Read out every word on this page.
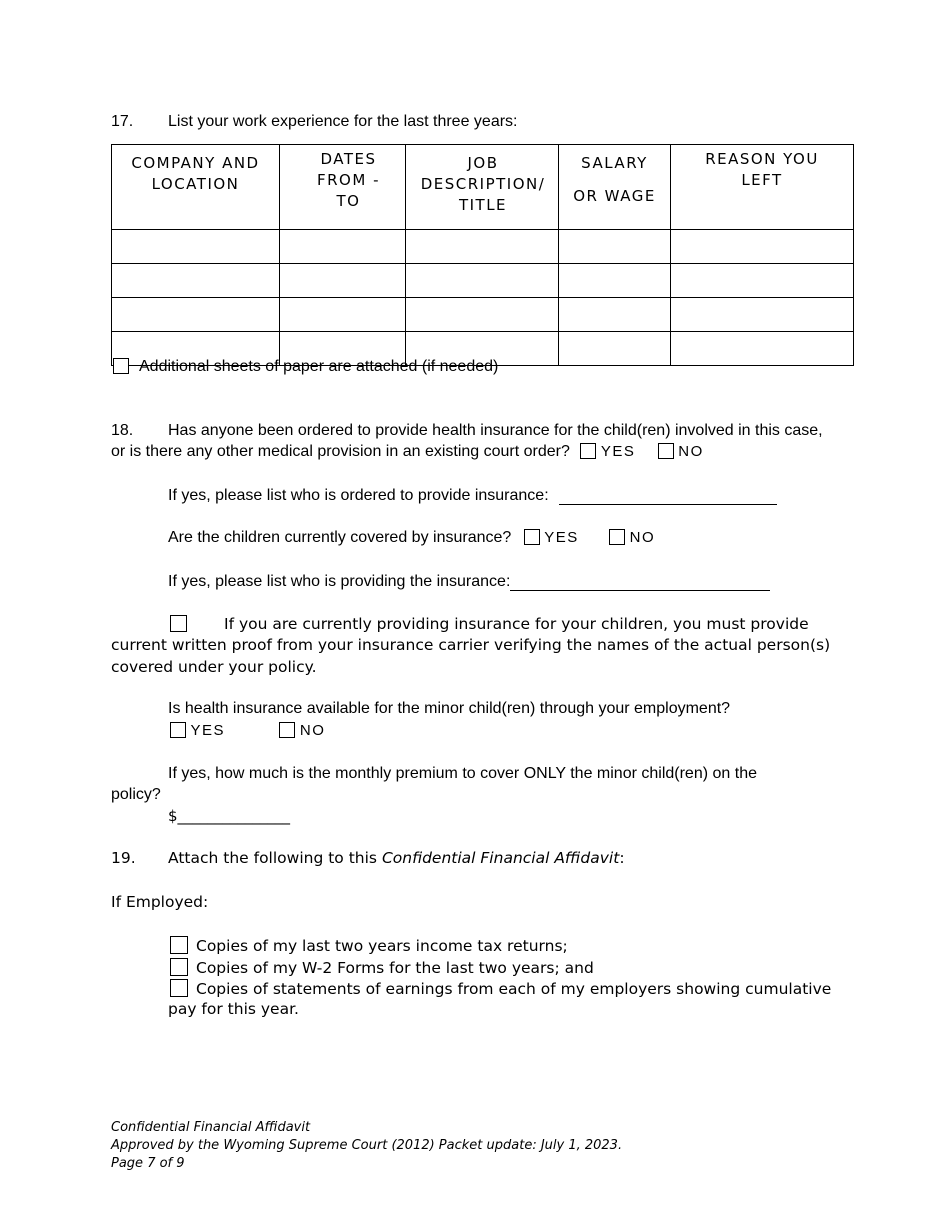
17. List your work experience for the last three years:
COMPANY AND LOCATION	DATES FROM - TO	JOB DESCRIPTION/ TITLE	SALARY OR WAGE	REASON YOU LEFT

Additional sheets of paper are attached (if needed)
18. Has anyone been ordered to provide health insurance for the child(ren) involved in this case,
or is there any other medical provision in an existing court order? YES	NO
If yes, please list who is ordered to provide insurance:
Are the children currently covered by insurance? YES	NO
If yes, please list who is providing the insurance:
If you are currently providing insurance for your children, you must provide
current written proof from your insurance carrier verifying the names of the actual person(s)
covered under your policy.
Is health insurance available for the minor child(ren) through your employment?
YES	NO
If yes, how much is the monthly premium to cover ONLY the minor child(ren) on the
policy?
$_______________
19. Attach the following to this Confidential Financial Affidavit:
If Employed:
Copies of my last two years income tax returns;
Copies of my W-2 Forms for the last two years; and
Copies of statements of earnings from each of my employers showing cumulative
pay for this year.
Confidential Financial Affidavit
Approved by the Wyoming Supreme Court (2012) Packet update: July 1, 2023.
Page 7 of 9
